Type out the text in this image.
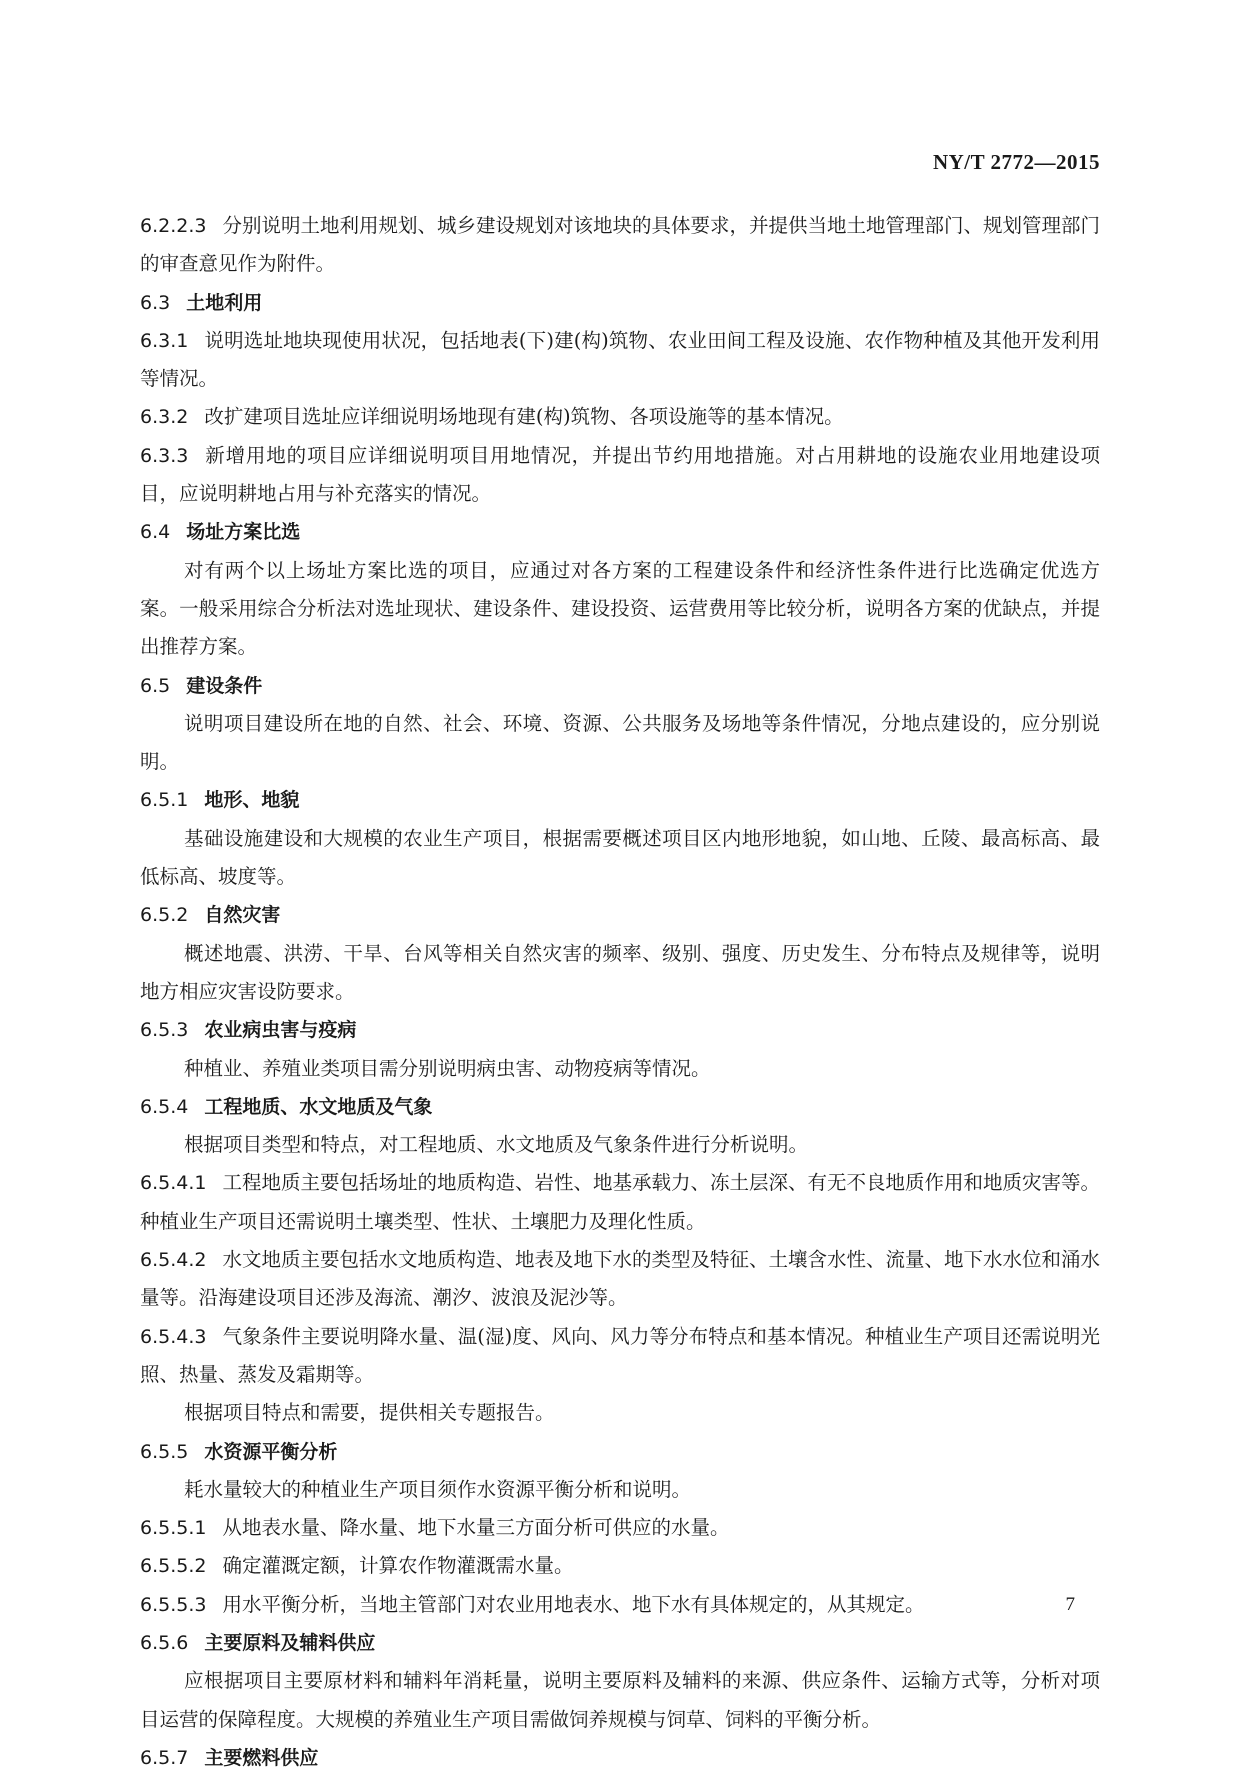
NY/T 2772—2015

6.2.2.3 分别说明土地利用规划、城乡建设规划对该地块的具体要求，并提供当地土地管理部门、规划管理部门的审查意见作为附件。

6.3 土地利用

6.3.1 说明选址地块现使用状况，包括地表(下)建(构)筑物、农业田间工程及设施、农作物种植及其他开发利用等情况。

6.3.2 改扩建项目选址应详细说明场地现有建(构)筑物、各项设施等的基本情况。

6.3.3 新增用地的项目应详细说明项目用地情况，并提出节约用地措施。对占用耕地的设施农业用地建设项目，应说明耕地占用与补充落实的情况。

6.4 场址方案比选

对有两个以上场址方案比选的项目，应通过对各方案的工程建设条件和经济性条件进行比选确定优选方案。一般采用综合分析法对选址现状、建设条件、建设投资、运营费用等比较分析，说明各方案的优缺点，并提出推荐方案。

6.5 建设条件

说明项目建设所在地的自然、社会、环境、资源、公共服务及场地等条件情况，分地点建设的，应分别说明。

6.5.1 地形、地貌

基础设施建设和大规模的农业生产项目，根据需要概述项目区内地形地貌，如山地、丘陵、最高标高、最低标高、坡度等。

6.5.2 自然灾害

概述地震、洪涝、干旱、台风等相关自然灾害的频率、级别、强度、历史发生、分布特点及规律等，说明地方相应灾害设防要求。

6.5.3 农业病虫害与疫病

种植业、养殖业类项目需分别说明病虫害、动物疫病等情况。

6.5.4 工程地质、水文地质及气象

根据项目类型和特点，对工程地质、水文地质及气象条件进行分析说明。

6.5.4.1 工程地质主要包括场址的地质构造、岩性、地基承载力、冻土层深、有无不良地质作用和地质灾害等。种植业生产项目还需说明土壤类型、性状、土壤肥力及理化性质。

6.5.4.2 水文地质主要包括水文地质构造、地表及地下水的类型及特征、土壤含水性、流量、地下水水位和涌水量等。沿海建设项目还涉及海流、潮汐、波浪及泥沙等。

6.5.4.3 气象条件主要说明降水量、温(湿)度、风向、风力等分布特点和基本情况。种植业生产项目还需说明光照、热量、蒸发及霜期等。

根据项目特点和需要，提供相关专题报告。

6.5.5 水资源平衡分析

耗水量较大的种植业生产项目须作水资源平衡分析和说明。

6.5.5.1 从地表水量、降水量、地下水量三方面分析可供应的水量。

6.5.5.2 确定灌溉定额，计算农作物灌溉需水量。

6.5.5.3 用水平衡分析，当地主管部门对农业用地表水、地下水有具体规定的，从其规定。

6.5.6 主要原料及辅料供应

应根据项目主要原材料和辅料年消耗量，说明主要原料及辅料的来源、供应条件、运输方式等，分析对项目运营的保障程度。大规模的养殖业生产项目需做饲养规模与饲草、饲料的平衡分析。

6.5.7 主要燃料供应

7
